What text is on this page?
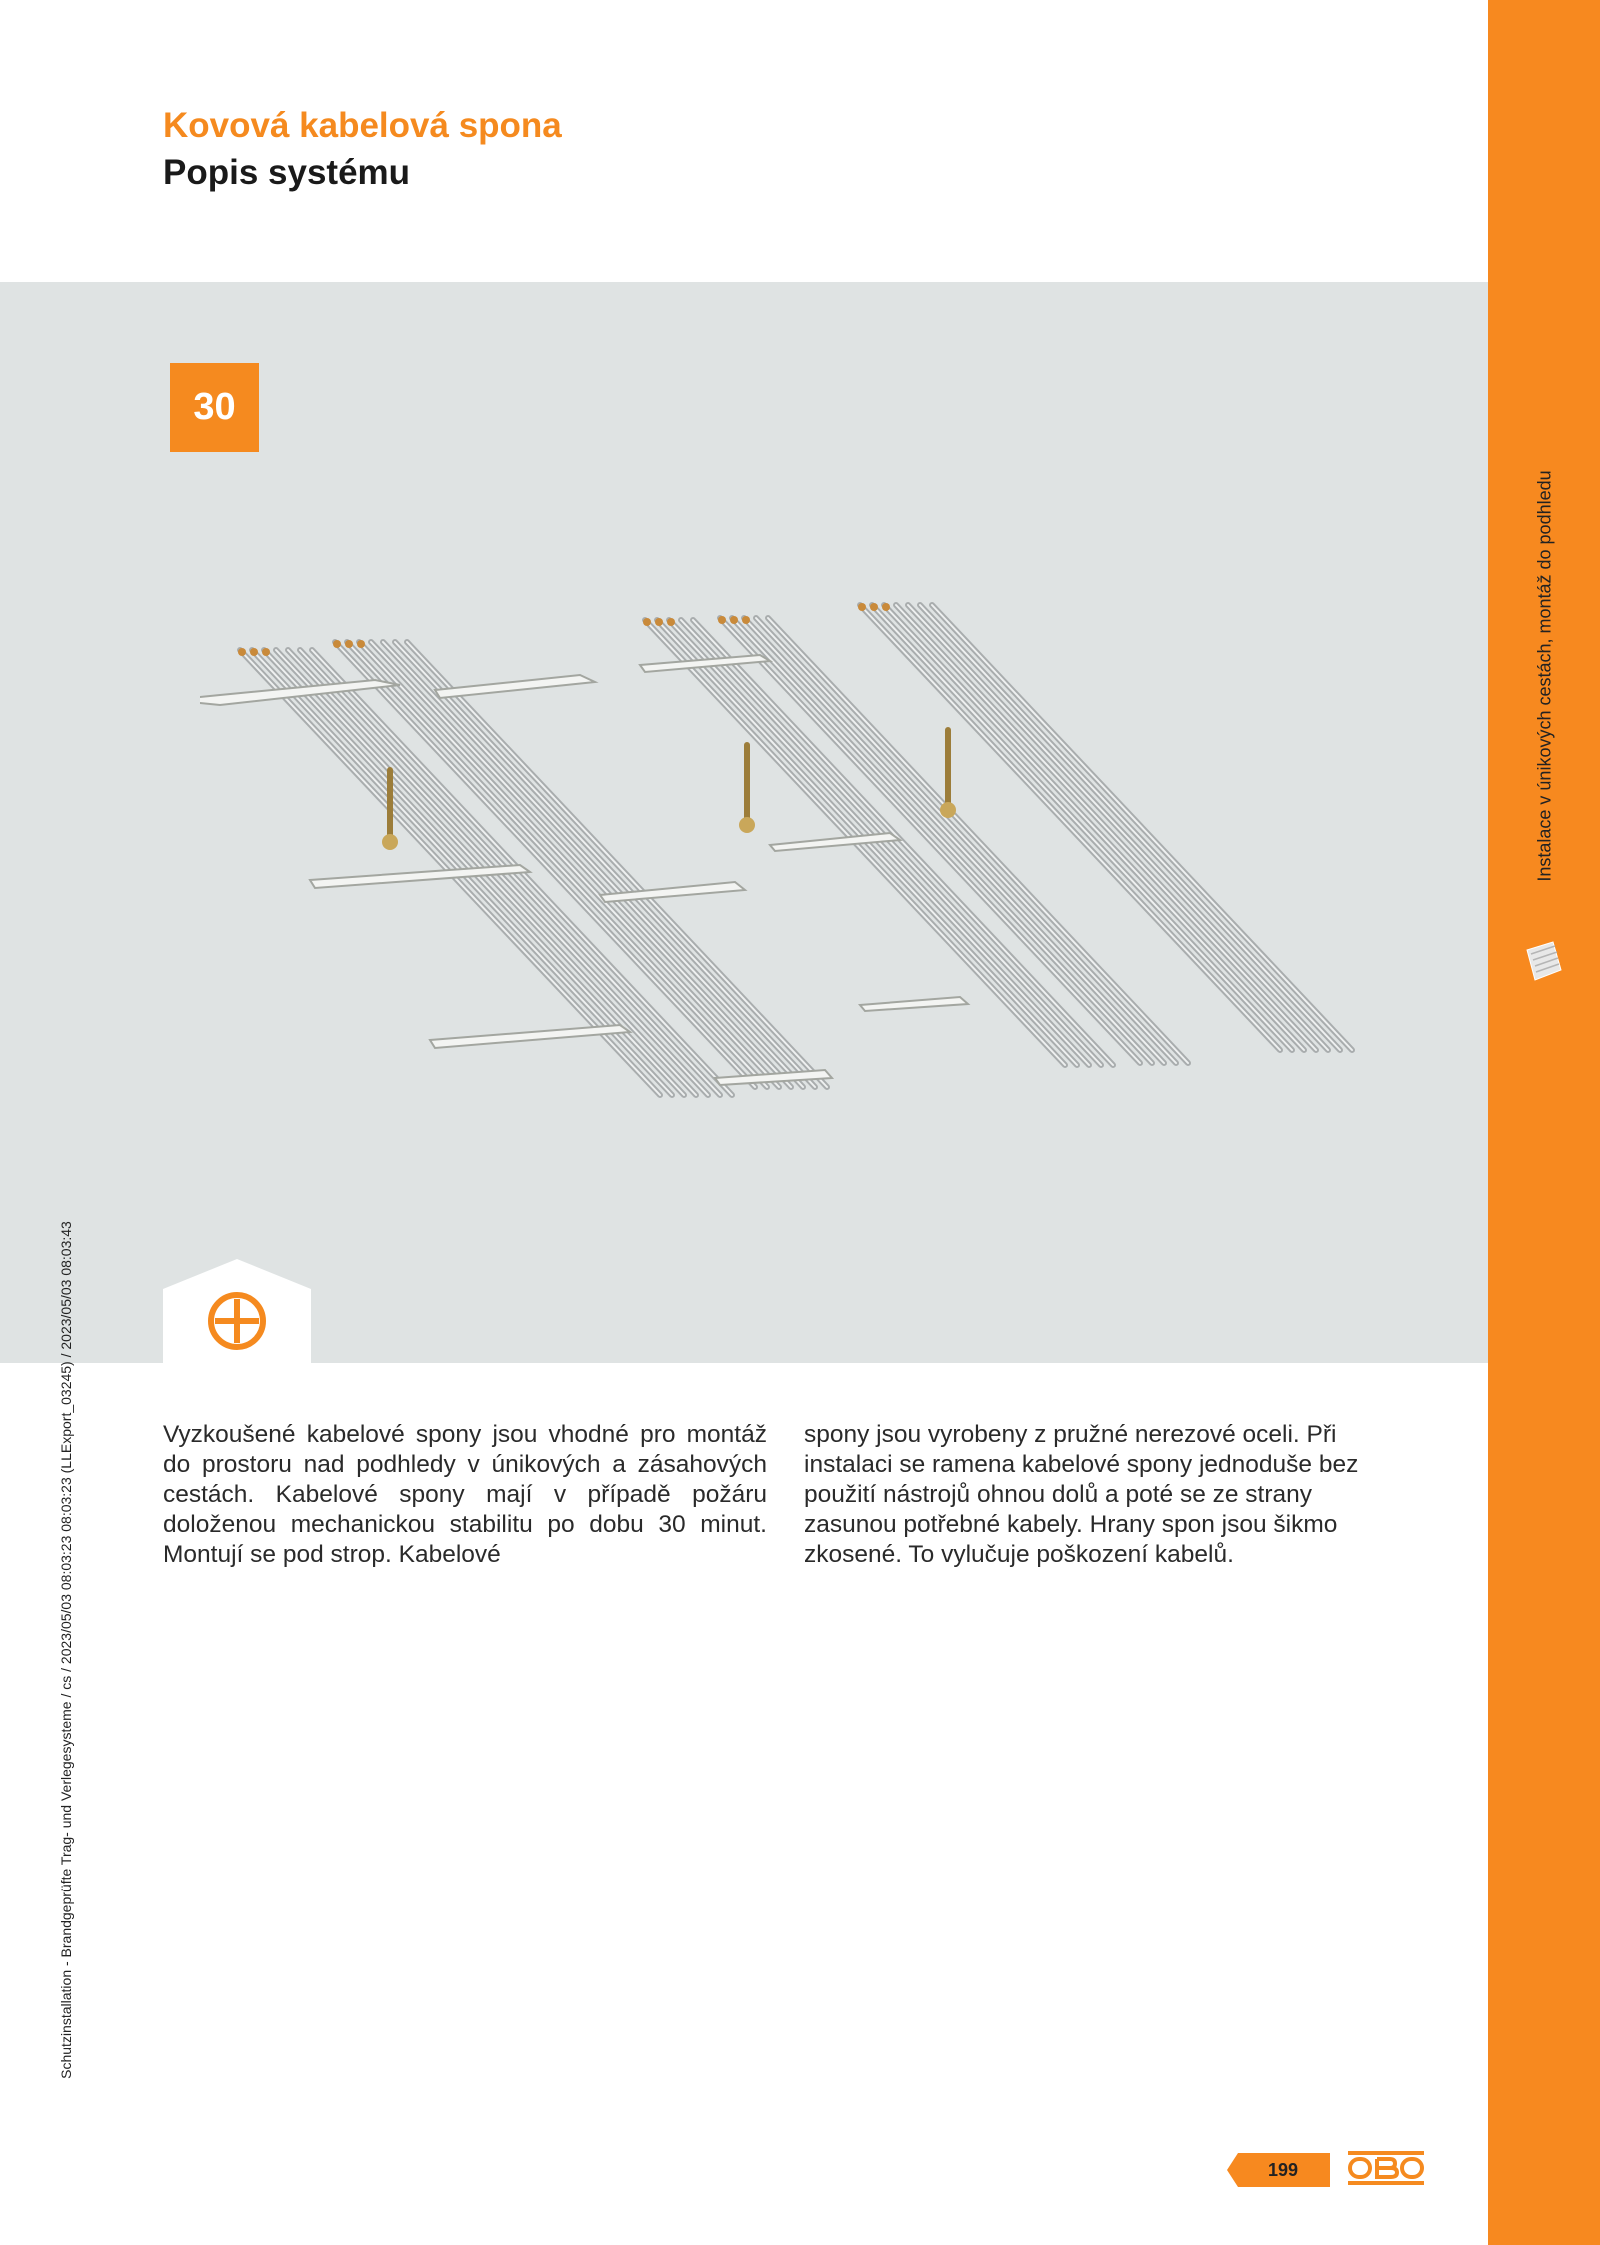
Kovová kabelová spona
Popis systému
Instalace v únikových cestách, montáž do podhledu
30
Schutzinstallation - Brandgeprüfte Trag- und Verlegesysteme / cs / 2023/05/03 08:03:23 08:03:23 (LLExport_03245) / 2023/05/03 08:03:43	Vyzkoušené kabelové spony jsou vhodné pro montáž do prostoru nad podhledy v únikových a zásahových cestách. Kabelové spony mají v případě požáru doloženou mechanickou stabilitu po dobu 30 minut. Montují se pod strop. Kabelové

spony jsou vyrobeny z pružné nerezové oceli. Při instalaci se ramena kabelové spony jednoduše bez použití nástrojů ohnou dolů a poté se ze strany zasunou potřebné kabely. Hrany spon jsou šikmo zkosené. To vylučuje poškození kabelů.

199
